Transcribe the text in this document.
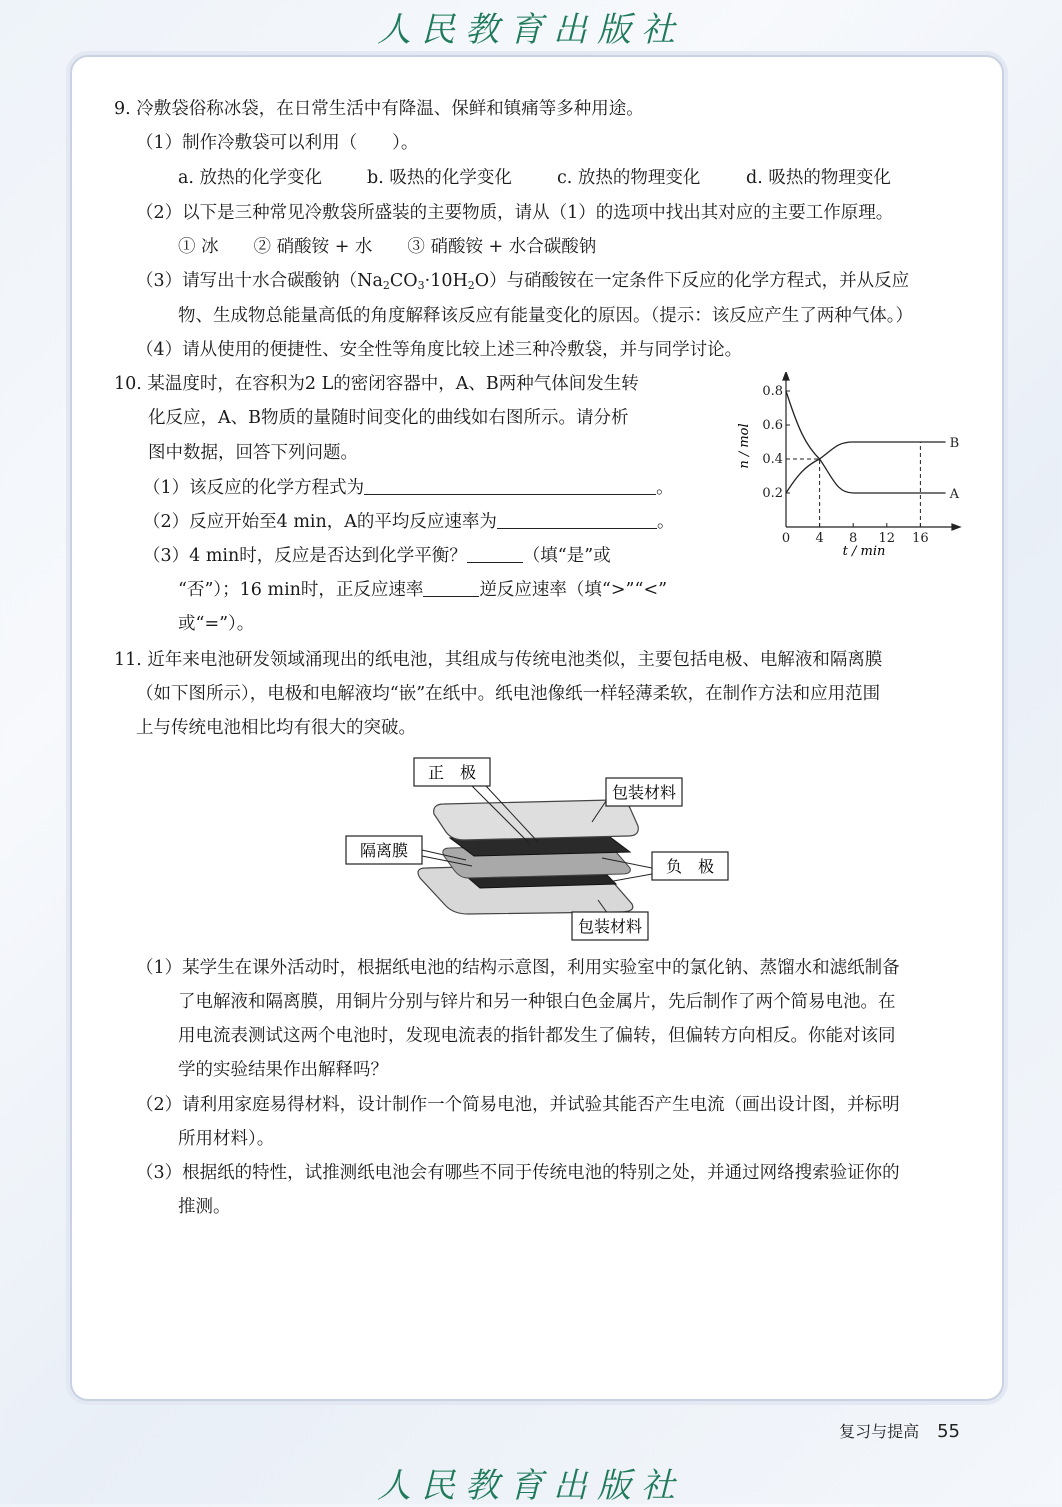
人民教育出版社
9. 冷敷袋俗称冰袋，在日常生活中有降温、保鲜和镇痛等多种用途。
（1）制作冷敷袋可以利用（　　）。
a. 放热的化学变化	b. 吸热的化学变化	c. 放热的物理变化	d. 吸热的物理变化
（2）以下是三种常见冷敷袋所盛装的主要物质，请从（1）的选项中找出其对应的主要工作原理。
① 冰　　② 硝酸铵 + 水　　③ 硝酸铵 + 水合碳酸钠
（3）请写出十水合碳酸钠$(Na_2CO_3\cdot 10H_2O)$与硝酸铵在一定条件下反应的化学方程式，并从反应
物、生成物总能量高低的角度解释该反应有能量变化的原因。（提示：该反应产生了两种气体。）
（4）请从使用的便捷性、安全性等角度比较上述三种冷敷袋，并与同学讨论。
10. 某温度时，在容积为2 L的密闭容器中，A、B两种气体间发生转
化反应，A、B物质的量随时间变化的曲线如右图所示。请分析
图中数据，回答下列问题。
（1）该反应的化学方程式为	。
（2）反应开始至4 min，A的平均反应速率为	。
（3）4 min时，反应是否达到化学平衡？	（填“是”或
“否”）；16 min时，正反应速率	逆反应速率（填“>”“<”
或“=”）。
11. 近年来电池研发领域涌现出的纸电池，其组成与传统电池类似，主要包括电极、电解液和隔离膜
（如下图所示），电极和电解液均“嵌”在纸中。纸电池像纸一样轻薄柔软，在制作方法和应用范围
上与传统电池相比均有很大的突破。
（1）某学生在课外活动时，根据纸电池的结构示意图，利用实验室中的氯化钠、蒸馏水和滤纸制备
了电解液和隔离膜，用铜片分别与锌片和另一种银白色金属片，先后制作了两个简易电池。在
用电流表测试这两个电池时，发现电流表的指针都发生了偏转，但偏转方向相反。你能对该同
学的实验结果作出解释吗？
（2）请利用家庭易得材料，设计制作一个简易电池，并试验其能否产生电流（画出设计图，并标明
所用材料）。
（3）根据纸的特性，试推测纸电池会有哪些不同于传统电池的特别之处，并通过网络搜索验证你的
推测。
0 4 8 12 16
0.2
0.4
0.6
0.8
A
B
n / mol
t / min
正　极
包装材料
隔离膜
负　极
包装材料
复习与提高 55
人民教育出版社
